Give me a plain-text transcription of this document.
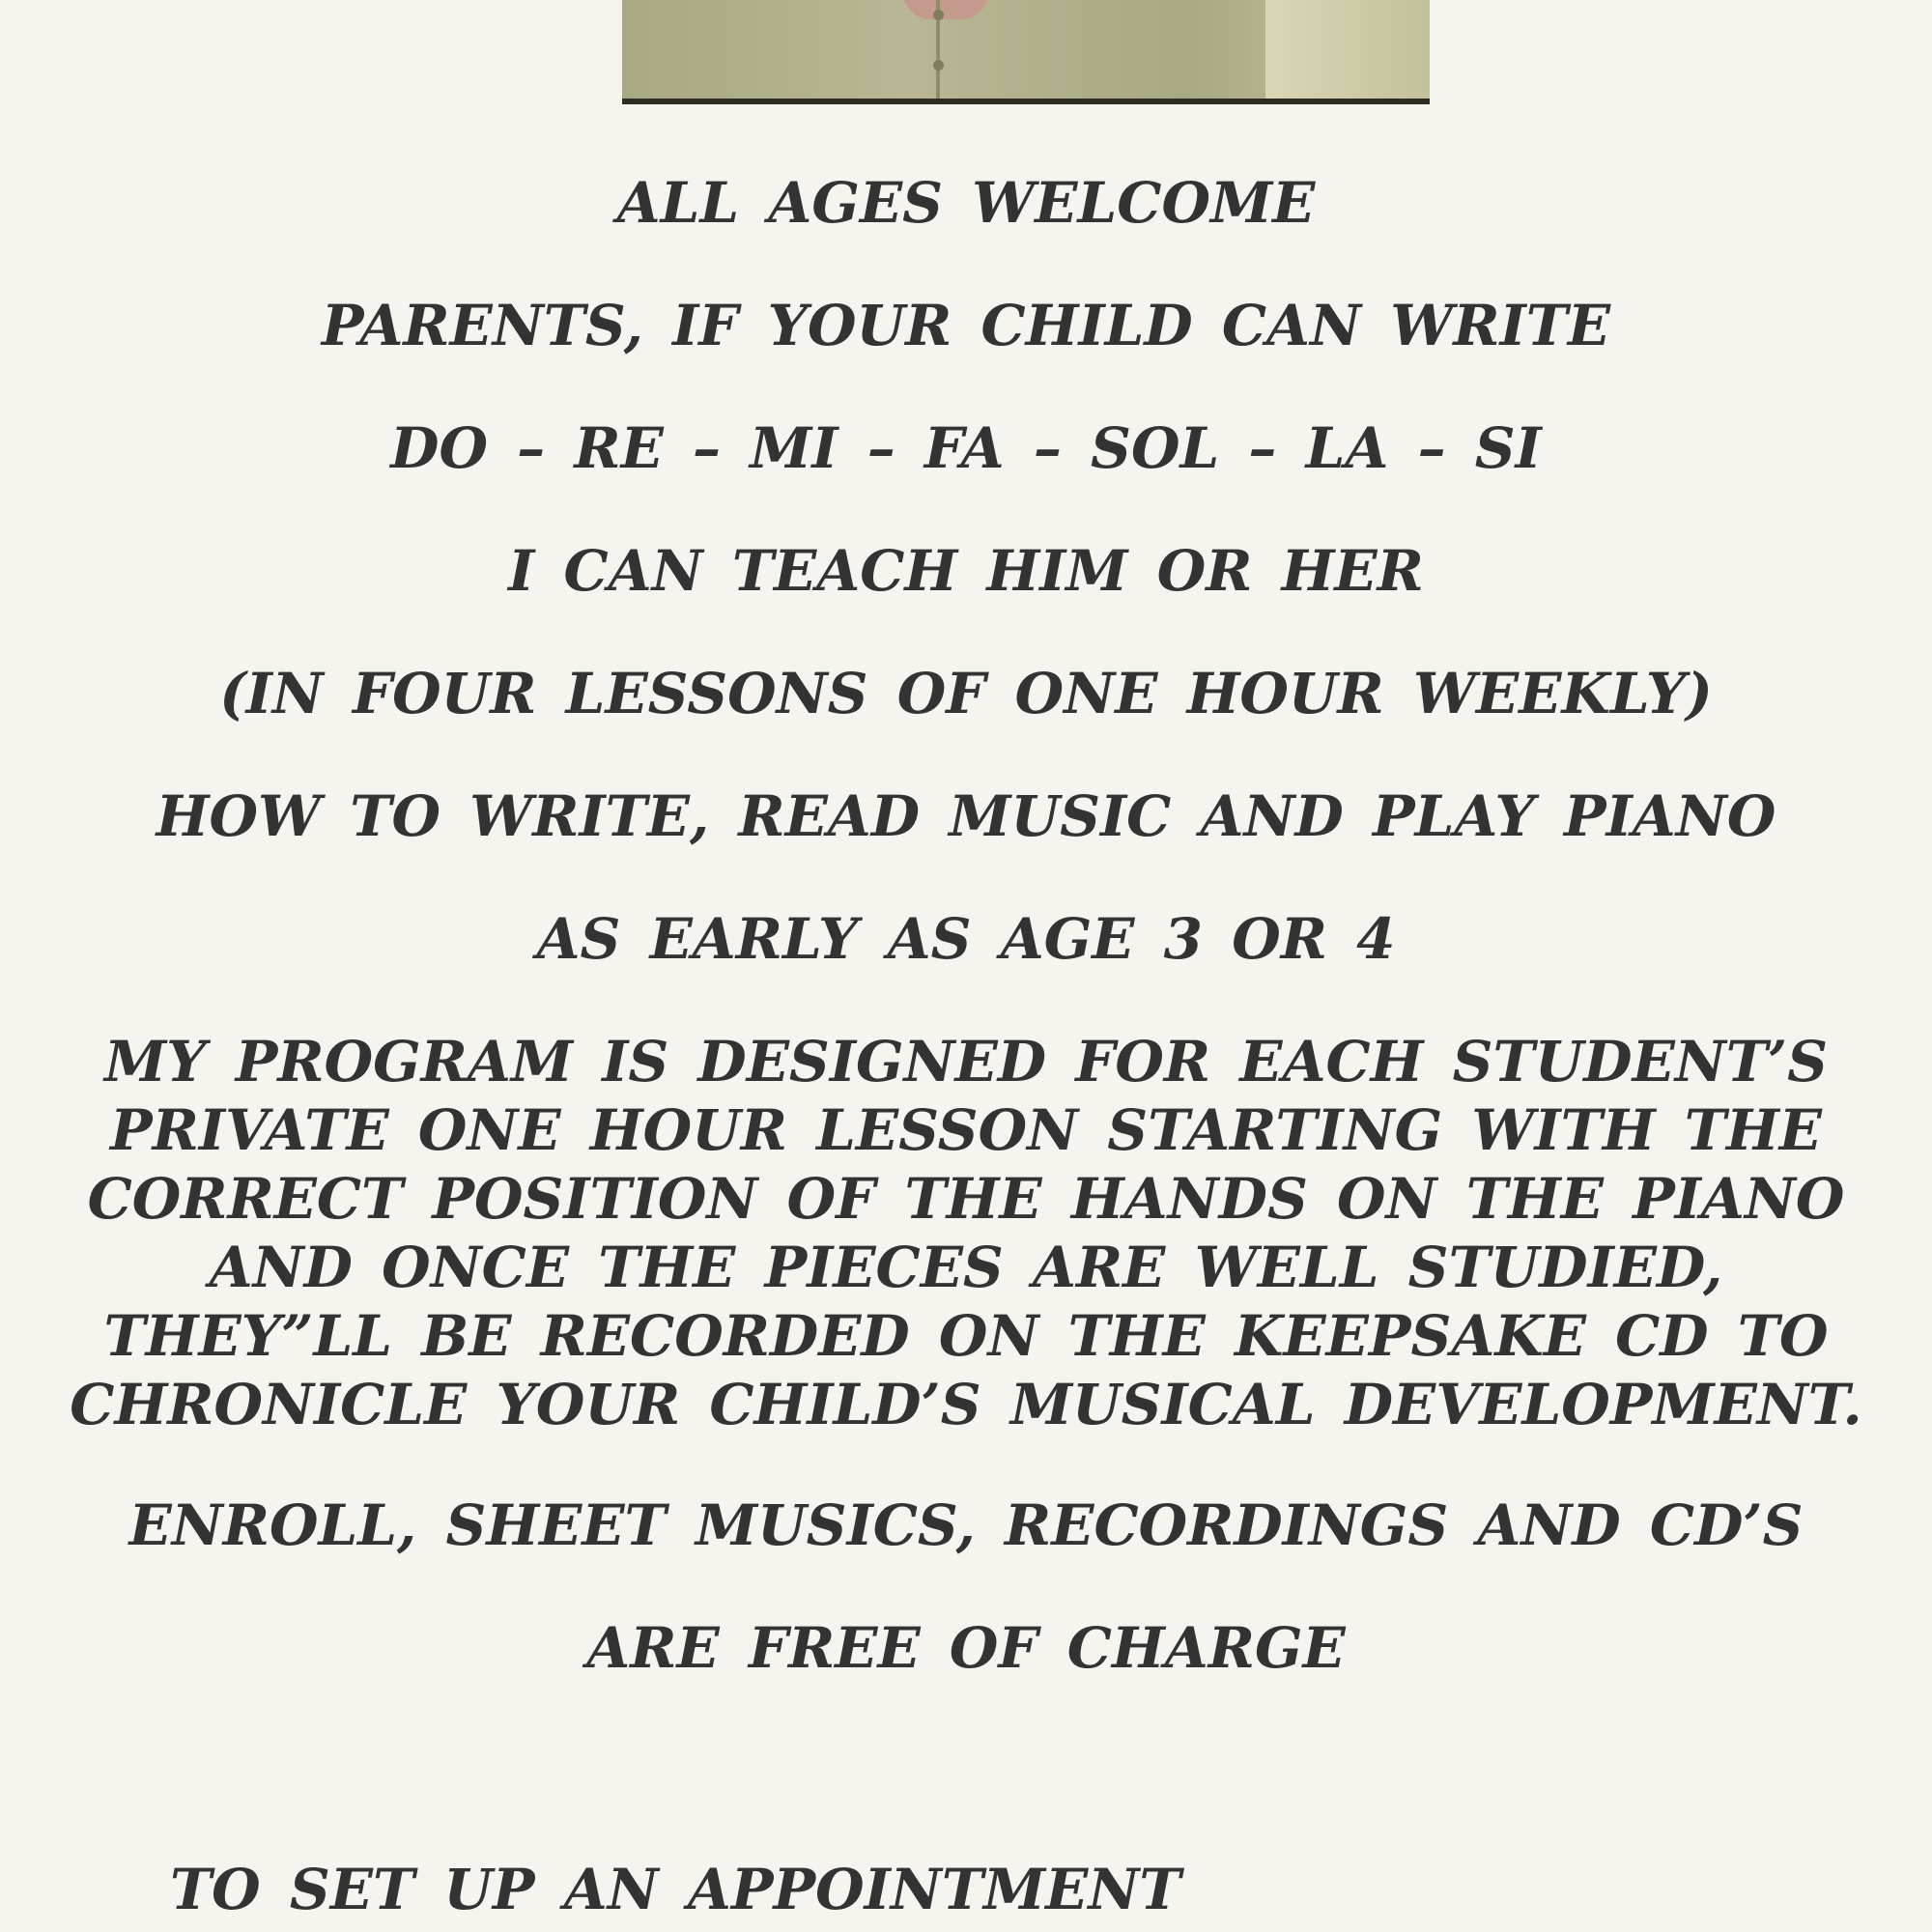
ALL AGES WELCOME
PARENTS, IF YOUR CHILD CAN WRITE
DO – RE – MI – FA – SOL – LA – SI
I CAN TEACH HIM OR HER
(IN FOUR LESSONS OF ONE HOUR WEEKLY)
HOW TO WRITE, READ MUSIC AND PLAY PIANO
AS EARLY AS AGE 3 OR 4
MY PROGRAM IS DESIGNED FOR EACH STUDENT’S
PRIVATE ONE HOUR LESSON STARTING WITH THE
CORRECT POSITION OF THE HANDS ON THE PIANO
AND ONCE THE PIECES ARE WELL STUDIED,
THEY”LL BE RECORDED ON THE KEEPSAKE CD TO
CHRONICLE YOUR CHILD’S MUSICAL DEVELOPMENT.
ENROLL, SHEET MUSICS, RECORDINGS AND CD’S
ARE FREE OF CHARGE
TO SET UP AN APPOINTMENT
